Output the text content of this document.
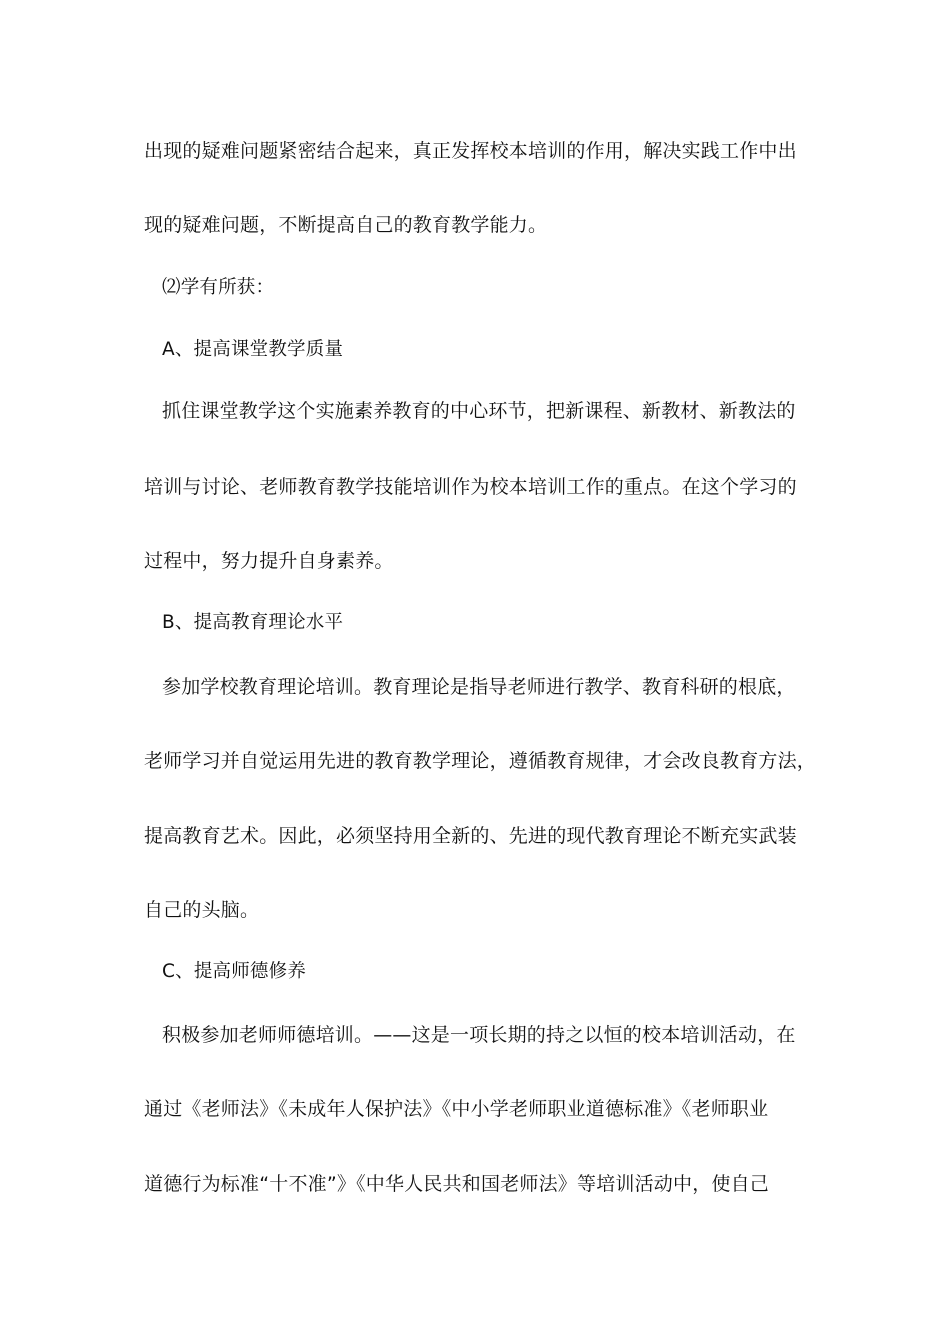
出现的疑难问题紧密结合起来，真正发挥校本培训的作用，解决实践工作中出
现的疑难问题，不断提高自己的教育教学能力。
⑵学有所获：
A、提高课堂教学质量
抓住课堂教学这个实施素养教育的中心环节，把新课程、新教材、新教法的
培训与讨论、老师教育教学技能培训作为校本培训工作的重点。在这个学习的
过程中，努力提升自身素养。
B、提高教育理论水平
参加学校教育理论培训。教育理论是指导老师进行教学、教育科研的根底，
老师学习并自觉运用先进的教育教学理论，遵循教育规律，才会改良教育方法，
提高教育艺术。因此，必须坚持用全新的、先进的现代教育理论不断充实武装
自己的头脑。
C、提高师德修养
积极参加老师师德培训。——这是一项长期的持之以恒的校本培训活动，在
通过《老师法》《未成年人保护法》《中小学老师职业道德标准》《老师职业
道德行为标准“十不准”》《中华人民共和国老师法》等培训活动中，使自己
